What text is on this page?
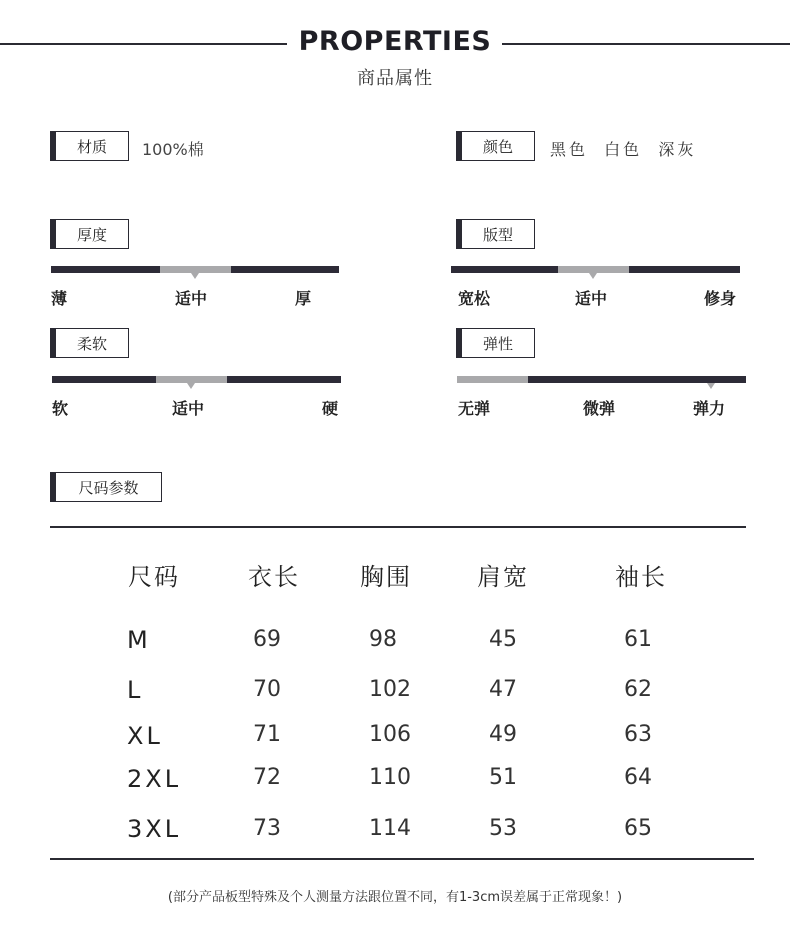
PROPERTIES
商品属性
材质	100%棉	颜色	黑色  白色  深灰
厚度
薄	适中	厚
版型
宽松	适中	修身
柔软
软	适中	硬
弹性
无弹	微弹	弹力
尺码参数
尺码	衣长	胸围	肩宽	袖长
M	69	98	45	61
L	70	102	47	62
XL	71	106	49	63
2XL	72	110	51	64
3XL	73	114	53	65
(部分产品板型特殊及个人测量方法跟位置不同，有1-3cm误差属于正常现象！)
